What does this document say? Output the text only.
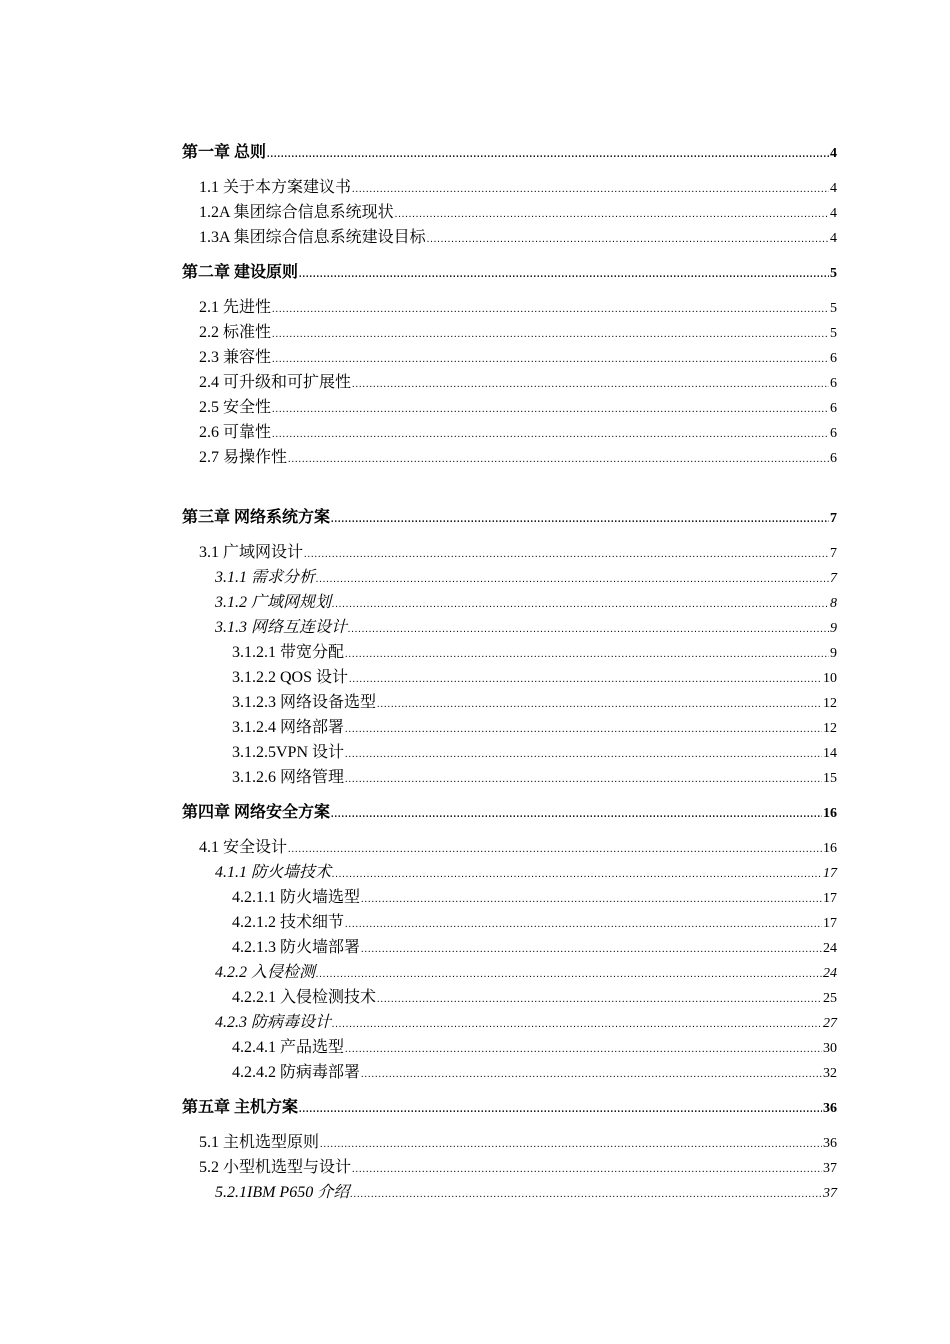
第一章 总则 .....	4
1.1 关于本方案建议书 .....	4
1.2A 集团综合信息系统现状 .....	4
1.3A 集团综合信息系统建设目标 .....	4
第二章 建设原则 .....	5
2.1 先进性 .....	5
2.2 标准性 .....	5
2.3 兼容性 .....	6
2.4 可升级和可扩展性 .....	6
2.5 安全性 .....	6
2.6 可靠性 .....	6
2.7 易操作性 .....	6
第三章 网络系统方案 .....	7
3.1 广域网设计 .....	7
3.1.1 需求分析 .....	7
3.1.2 广域网规划 .....	8
3.1.3 网络互连设计 .....	9
3.1.2.1 带宽分配 .....	9
3.1.2.2 QOS 设计 .....	10
3.1.2.3 网络设备选型 .....	12
3.1.2.4 网络部署 .....	12
3.1.2.5VPN 设计 .....	14
3.1.2.6 网络管理 .....	15
第四章 网络安全方案 .....	16
4.1 安全设计 .....	16
4.1.1 防火墙技术 .....	17
4.2.1.1 防火墙选型 .....	17
4.2.1.2 技术细节 .....	17
4.2.1.3 防火墙部署 .....	24
4.2.2 入侵检测 .....	24
4.2.2.1 入侵检测技术 .....	25
4.2.3 防病毒设计 .....	27
4.2.4.1 产品选型 .....	30
4.2.4.2 防病毒部署 .....	32
第五章 主机方案 .....	36
5.1 主机选型原则 .....	36
5.2 小型机选型与设计 .....	37
5.2.1IBM P650 介绍 .....	37
